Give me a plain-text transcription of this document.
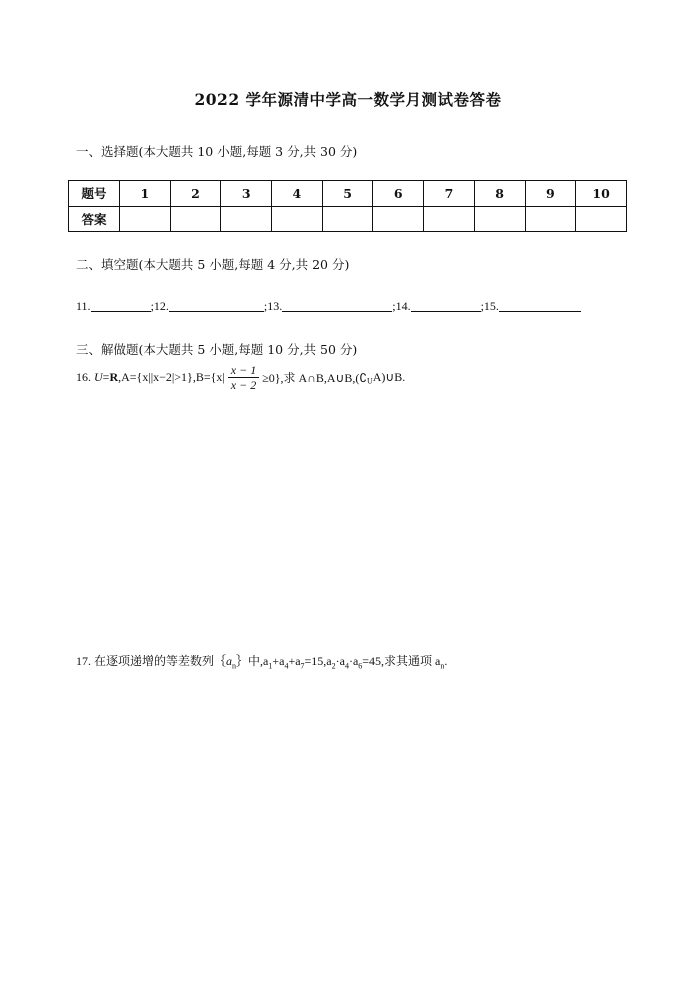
2022 学年源清中学高一数学月测试卷答卷
一、选择题(本大题共 10 小题,每题 3 分,共 30 分)
题号	1	2	3	4	5	6	7	8	9	10
答案										
二、填空题(本大题共 5 小题,每题 4 分,共 20 分)
11.	;12.	;13.	;14.	;15.
三、解做题(本大题共 5 小题,每题 10 分,共 50 分)
16. $U=R,A=\{x||x-2|>1\},B=\{x| \frac{x - 1}{x - 2} \ge 0\}$,求 $A\cap B,A\cup B,(∁_UA)\cup B$.
17. 在逐项递增的等差数列$\{a_n\}$中$,a_1+a_4+a_7=15,a_2\cdot a_4\cdot a_6=45$,求其通项 $a_n$.
